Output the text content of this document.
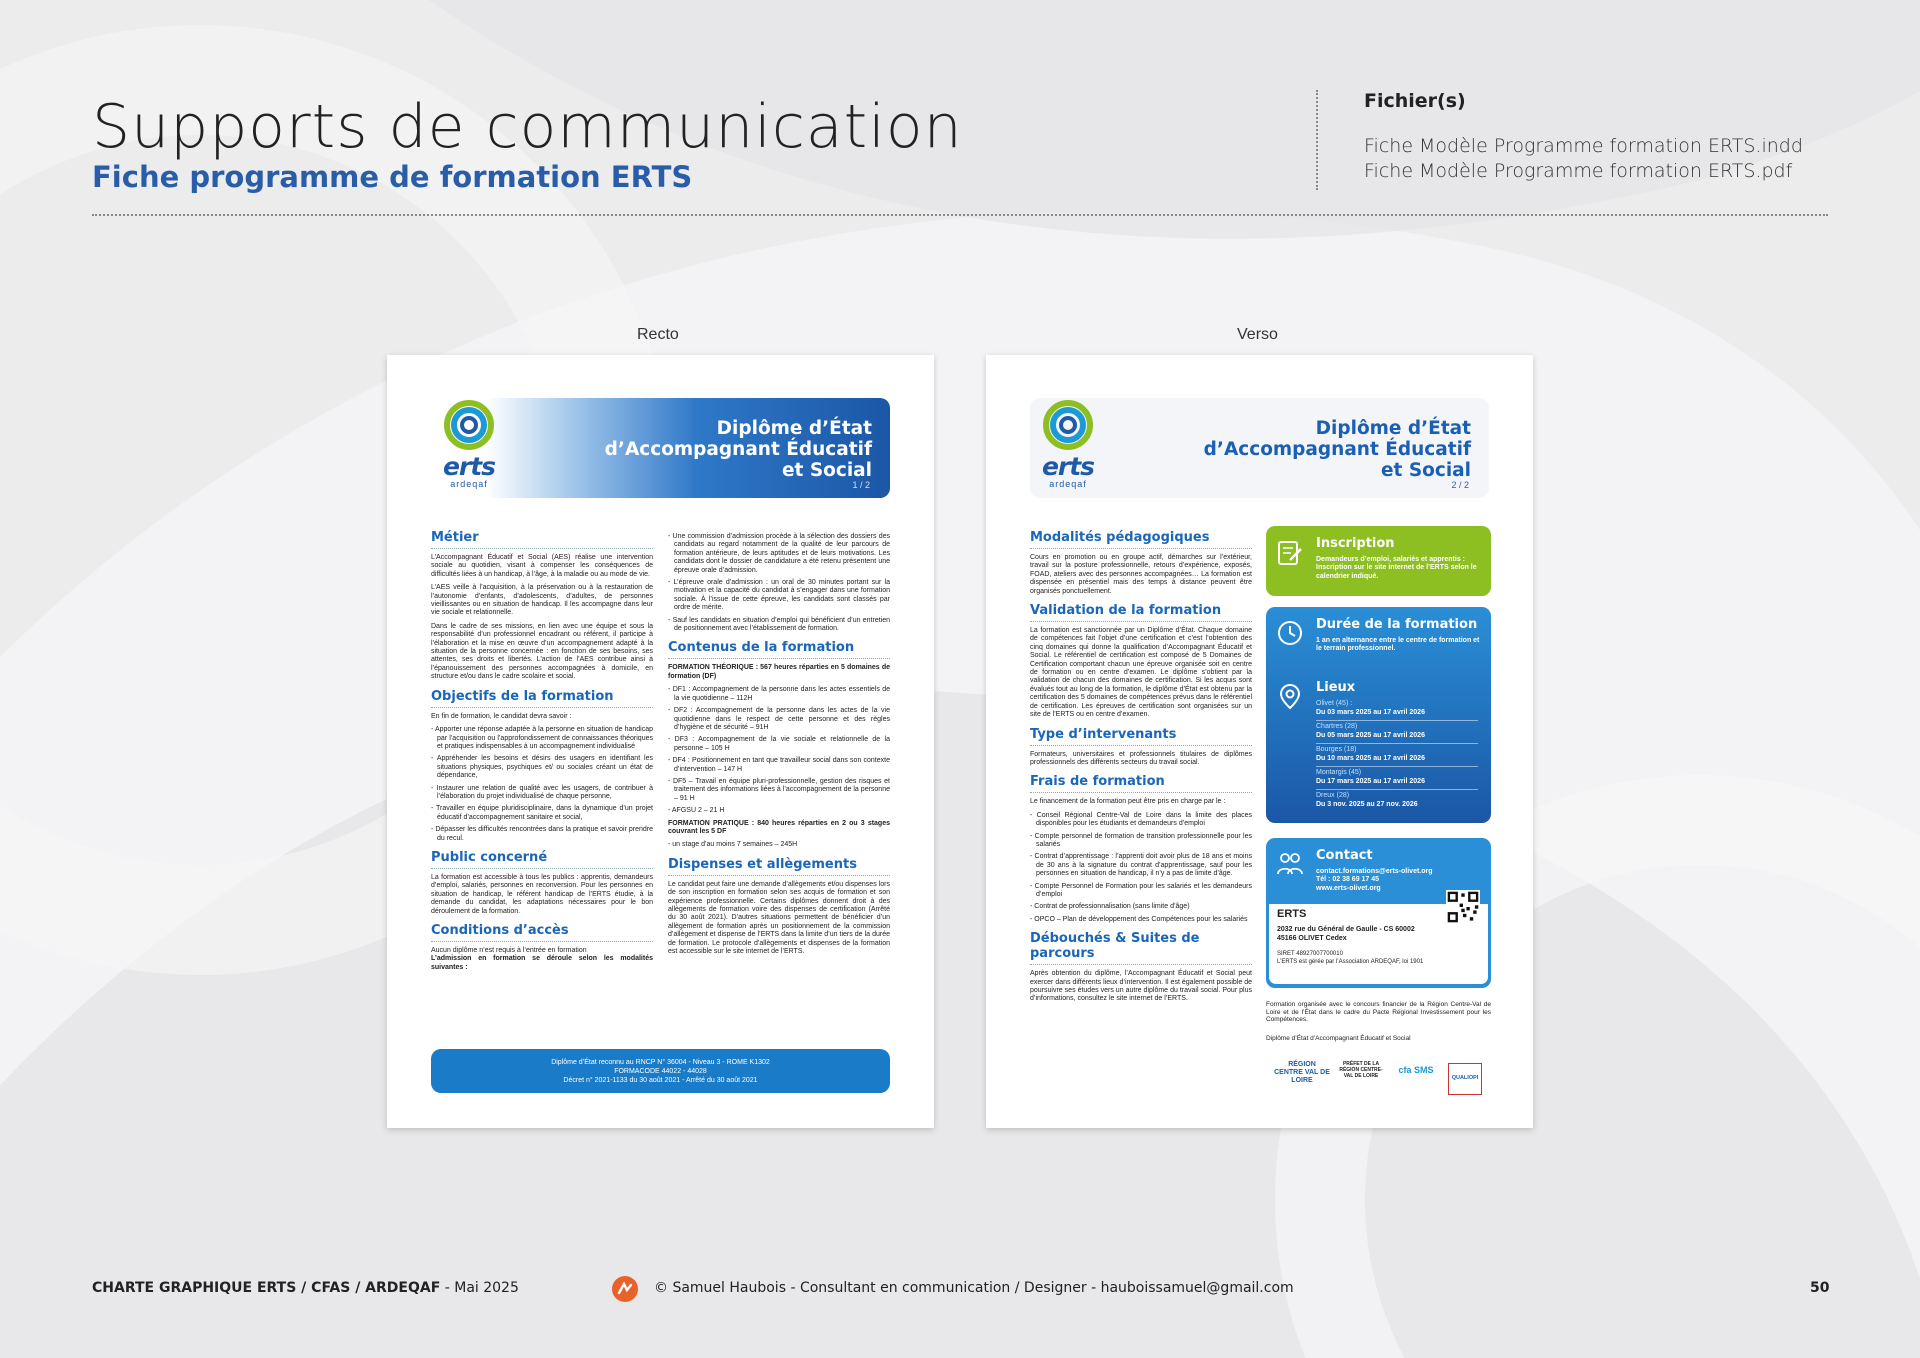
Supports de communication
Fiche programme de formation ERTS
Fichier(s)
Fiche Modèle Programme formation ERTS.indd
Fiche Modèle Programme formation ERTS.pdf
Recto	Verso
Diplôme d’État
d’Accompagnant Éducatif
et Social
1 / 2
erts
ardeqaf
Métier
L’Accompagnant Éducatif et Social (AES) réalise une intervention sociale au quotidien, visant à compenser les conséquences de difficultés liées à un handicap, à l’âge, à la maladie ou au mode de vie.
L’AES veille à l’acquisition, à la préservation ou à la restauration de l’autonomie d’enfants, d’adolescents, d’adultes, de personnes vieillissantes ou en situation de handicap. Il les accompagne dans leur vie sociale et relationnelle.
Dans le cadre de ses missions, en lien avec une équipe et sous la responsabilité d’un professionnel encadrant ou référent, il participe à l’élaboration et la mise en œuvre d’un accompagnement adapté à la situation de la personne concernée : en fonction de ses besoins, ses attentes, ses droits et libertés. L’action de l’AES contribue ainsi à l’épanouissement des personnes accompagnées à domicile, en structure et/ou dans le cadre scolaire et social.
Objectifs de la formation
En fin de formation, le candidat devra savoir :
- Apporter une réponse adaptée à la personne en situation de handicap par l’acquisition ou l’approfondissement de connaissances théoriques et pratiques indispensables à un accompagnement individualisé
- Appréhender les besoins et désirs des usagers en identifiant les situations physiques, psychiques et/ ou sociales créant un état de dépendance,
- Instaurer une relation de qualité avec les usagers, de contribuer à l’élaboration du projet individualisé de chaque personne,
- Travailler en équipe pluridisciplinaire, dans la dynamique d’un projet éducatif d’accompagnement sanitaire et social,
- Dépasser les difficultés rencontrées dans la pratique et savoir prendre du recul.
Public concerné
La formation est accessible à tous les publics : apprentis, demandeurs d’emploi, salariés, personnes en reconversion. Pour les personnes en situation de handicap, le référent handicap de l’ERTS étudie, à la demande du candidat, les adaptations nécessaires pour le bon déroulement de la formation.
Conditions d’accès
Aucun diplôme n’est requis à l’entrée en formation
L’admission en formation se déroule selon les modalités suivantes :
- Une commission d’admission procède à la sélection des dossiers des candidats au regard notamment de la qualité de leur parcours de formation antérieure, de leurs aptitudes et de leurs motivations. Les candidats dont le dossier de candidature a été retenu présentent une épreuve orale d’admission.
- L’épreuve orale d’admission : un oral de 30 minutes portant sur la motivation et la capacité du candidat à s’engager dans une formation sociale. À l’issue de cette épreuve, les candidats sont classés par ordre de mérite.
- Sauf les candidats en situation d’emploi qui bénéficient d’un entretien de positionnement avec l’établissement de formation.
Contenus de la formation
FORMATION THÉORIQUE : 567 heures réparties en 5 domaines de formation (DF)
- DF1 : Accompagnement de la personne dans les actes essentiels de la vie quotidienne – 112H
- DF2 : Accompagnement de la personne dans les actes de la vie quotidienne dans le respect de cette personne et des règles d’hygiène et de sécurité – 91H
- DF3 : Accompagnement de la vie sociale et relationnelle de la personne – 105 H
- DF4 : Positionnement en tant que travailleur social dans son contexte d’intervention – 147 H
- DF5 – Travail en équipe pluri-professionnelle, gestion des risques et traitement des informations liées à l’accompagnement de la personne – 91 H
- AFGSU 2 – 21 H
FORMATION PRATIQUE : 840 heures réparties en 2 ou 3 stages couvrant les 5 DF
- un stage d’au moins 7 semaines – 245H
Dispenses et allègements
Le candidat peut faire une demande d’allègements et/ou dispenses lors de son inscription en formation selon ses acquis de formation et son expérience professionnelle. Certains diplômes donnent droit à des allègements de formation voire des dispenses de certification (Arrêté du 30 août 2021). D’autres situations permettent de bénéficier d’un allègement de formation après un positionnement de la commission d’allègement et dispense de l’ERTS dans la limite d’un tiers de la durée de formation. Le protocole d’allègements et dispenses de la formation est accessible sur le site internet de l’ERTS.
Diplôme d’État reconnu au RNCP N° 36004 - Niveau 3 - ROME K1302
FORMACODE 44022 - 44028
Décret n° 2021-1133 du 30 août 2021 - Arrêté du 30 août 2021
Diplôme d’État
d’Accompagnant Éducatif
et Social
2 / 2
erts
ardeqaf
Modalités pédagogiques
Cours en promotion ou en groupe actif, démarches sur l’extérieur, travail sur la posture professionnelle, retours d’expérience, exposés, FOAD, ateliers avec des personnes accompagnées… La formation est dispensée en présentiel mais des temps à distance peuvent être organisés ponctuellement.
Validation de la formation
La formation est sanctionnée par un Diplôme d’État. Chaque domaine de compétences fait l’objet d’une certification et c’est l’obtention des cinq domaines qui donne la qualification d’Accompagnant Éducatif et Social. Le référentiel de certification est composé de 5 Domaines de Certification comportant chacun une épreuve organisée soit en centre de formation ou en centre d’examen. Le diplôme s’obtient par la validation de chacun des domaines de certification. Si les acquis sont évalués tout au long de la formation, le diplôme d’État est obtenu par la certification des 5 domaines de compétences prévus dans le référentiel de certification. Les épreuves de certification sont organisées sur un site de l’ERTS ou en centre d’examen.
Type d’intervenants
Formateurs, universitaires et professionnels titulaires de diplômes professionnels des différents secteurs du travail social.
Frais de formation
Le financement de la formation peut être pris en charge par le :
- Conseil Régional Centre-Val de Loire dans la limite des places disponibles pour les étudiants et demandeurs d’emploi
- Compte personnel de formation de transition professionnelle pour les salariés
- Contrat d’apprentissage : l’apprenti doit avoir plus de 18 ans et moins de 30 ans à la signature du contrat d’apprentissage, sauf pour les personnes en situation de handicap, il n’y a pas de limite d’âge.
- Compte Personnel de Formation pour les salariés et les demandeurs d’emploi
- Contrat de professionnalisation (sans limite d’âge)
- OPCO – Plan de développement des Compétences pour les salariés
Débouchés & Suites de parcours
Après obtention du diplôme, l’Accompagnant Éducatif et Social peut exercer dans différents lieux d’intervention. Il est également possible de poursuivre ses études vers un autre diplôme du travail social. Pour plus d’informations, consultez le site internet de l’ERTS.
Inscription
Demandeurs d’emploi, salariés et apprentis : Inscription sur le site internet de l’ERTS selon le calendrier indiqué.
Durée de la formation
1 an en alternance entre le centre de formation et le terrain professionnel.
Lieux
Olivet (45) :
Du 03 mars 2025 au 17 avril 2026
Chartres (28)
Du 05 mars 2025 au 17 avril 2026
Bourges (18)
Du 10 mars 2025 au 17 avril 2026
Montargis (45)
Du 17 mars 2025 au 17 avril 2026
Dreux (28)
Du 3 nov. 2025 au 27 nov. 2026
Contact
contact.formations@erts-olivet.org
Tél : 02 38 69 17 45
www.erts-olivet.org
ERTS
2032 rue du Général de Gaulle - CS 60002
45166 OLIVET Cedex
SIRET 48927007700010
L’ERTS est gérée par l’Association ARDEQAF, loi 1901
Formation organisée avec le concours financier de la Région Centre-Val de Loire et de l’État dans le cadre du Pacte Régional Investissement pour les Compétences.
Diplôme d’État d’Accompagnant Éducatif et Social
RÉGION CENTRE VAL DE LOIRE
PRÉFET DE LA RÉGION CENTRE-VAL DE LOIRE
cfa SMS
QUALIOPI
CHARTE GRAPHIQUE ERTS / CFAS / ARDEQAF - Mai 2025	© Samuel Haubois - Consultant en communication / Designer - hauboissamuel@gmail.com	50
